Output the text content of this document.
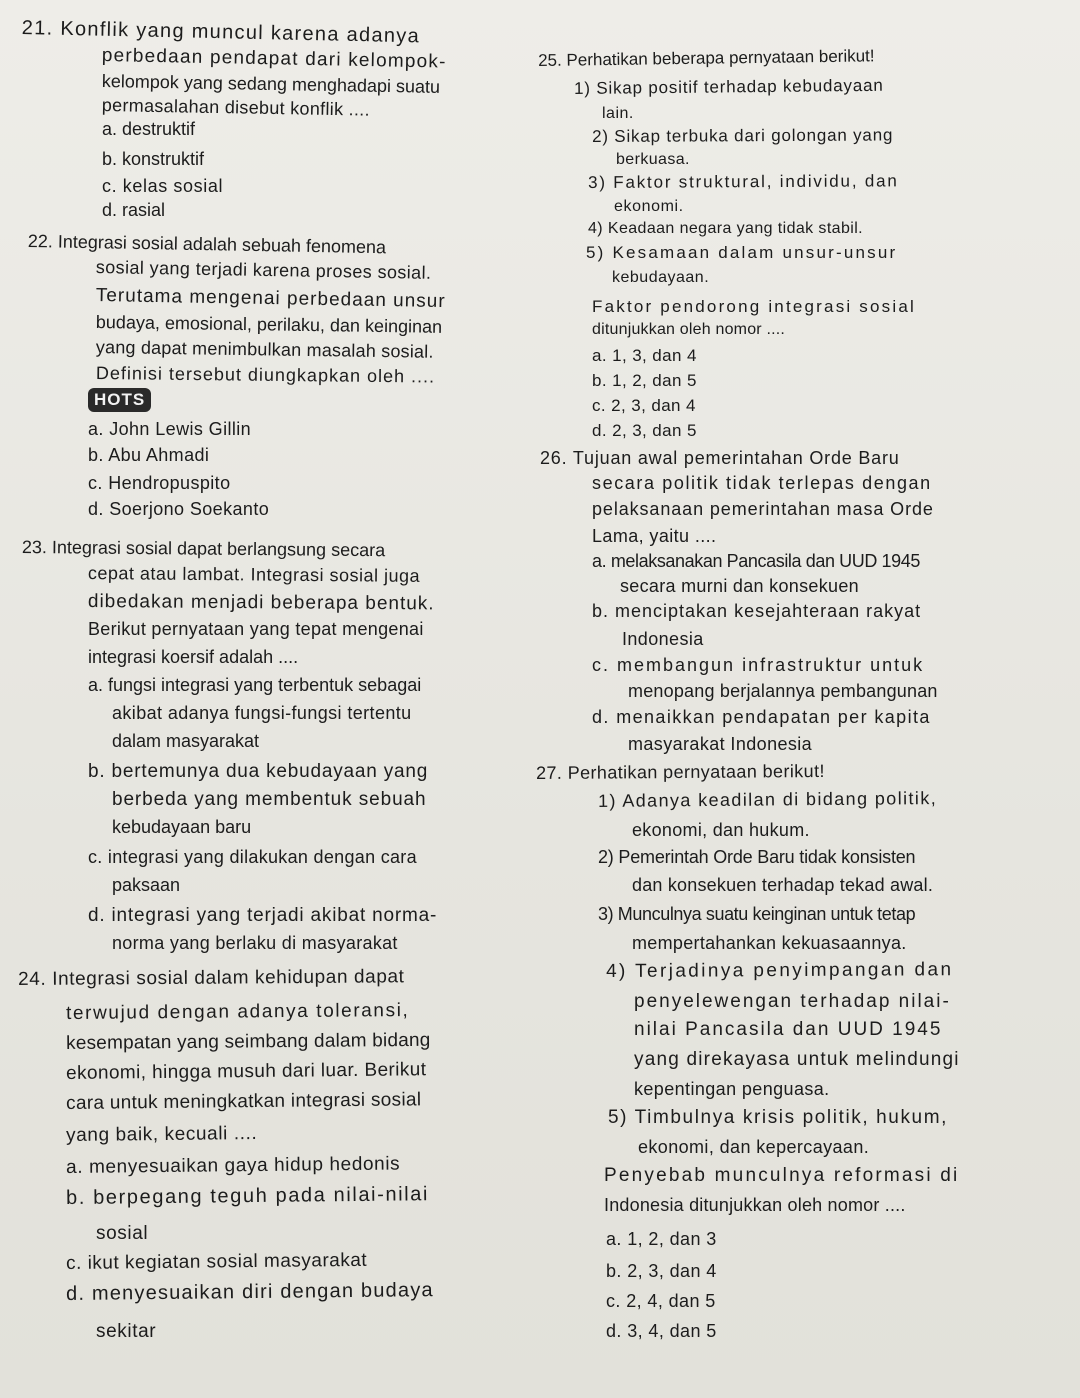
21. Konflik yang muncul karena adanya
perbedaan pendapat dari kelompok-
kelompok yang sedang menghadapi suatu
permasalahan disebut konflik ....
a. destruktif
b. konstruktif
c. kelas sosial
d. rasial
22. Integrasi sosial adalah sebuah fenomena
sosial yang terjadi karena proses sosial.
Terutama mengenai perbedaan unsur
budaya, emosional, perilaku, dan keinginan
yang dapat menimbulkan masalah sosial.
Definisi tersebut diungkapkan oleh ....
HOTS
a. John Lewis Gillin
b. Abu Ahmadi
c. Hendropuspito
d. Soerjono Soekanto
23. Integrasi sosial dapat berlangsung secara
cepat atau lambat. Integrasi sosial juga
dibedakan menjadi beberapa bentuk.
Berikut pernyataan yang tepat mengenai
integrasi koersif adalah ....
a. fungsi integrasi yang terbentuk sebagai
akibat adanya fungsi-fungsi tertentu
dalam masyarakat
b. bertemunya dua kebudayaan yang
berbeda yang membentuk sebuah
kebudayaan baru
c. integrasi yang dilakukan dengan cara
paksaan
d. integrasi yang terjadi akibat norma-
norma yang berlaku di masyarakat
24. Integrasi sosial dalam kehidupan dapat
terwujud dengan adanya toleransi,
kesempatan yang seimbang dalam bidang
ekonomi, hingga musuh dari luar. Berikut
cara untuk meningkatkan integrasi sosial
yang baik, kecuali ....
a. menyesuaikan gaya hidup hedonis
b. berpegang teguh pada nilai-nilai
sosial
c. ikut kegiatan sosial masyarakat
d. menyesuaikan diri dengan budaya
sekitar
25. Perhatikan beberapa pernyataan berikut!
1) Sikap positif terhadap kebudayaan
lain.
2) Sikap terbuka dari golongan yang
berkuasa.
3) Faktor struktural, individu, dan
ekonomi.
4) Keadaan negara yang tidak stabil.
5) Kesamaan dalam unsur-unsur
kebudayaan.
Faktor pendorong integrasi sosial
ditunjukkan oleh nomor ....
a. 1, 3, dan 4
b. 1, 2, dan 5
c. 2, 3, dan 4
d. 2, 3, dan 5
26. Tujuan awal pemerintahan Orde Baru
secara politik tidak terlepas dengan
pelaksanaan pemerintahan masa Orde
Lama, yaitu ....
a. melaksanakan Pancasila dan UUD 1945
secara murni dan konsekuen
b. menciptakan kesejahteraan rakyat
Indonesia
c. membangun infrastruktur untuk
menopang berjalannya pembangunan
d. menaikkan pendapatan per kapita
masyarakat Indonesia
27. Perhatikan pernyataan berikut!
1) Adanya keadilan di bidang politik,
ekonomi, dan hukum.
2) Pemerintah Orde Baru tidak konsisten
dan konsekuen terhadap tekad awal.
3) Munculnya suatu keinginan untuk tetap
mempertahankan kekuasaannya.
4) Terjadinya penyimpangan dan
penyelewengan terhadap nilai-
nilai Pancasila dan UUD 1945
yang direkayasa untuk melindungi
kepentingan penguasa.
5) Timbulnya krisis politik, hukum,
ekonomi, dan kepercayaan.
Penyebab munculnya reformasi di
Indonesia ditunjukkan oleh nomor ....
a. 1, 2, dan 3
b. 2, 3, dan 4
c. 2, 4, dan 5
d. 3, 4, dan 5
